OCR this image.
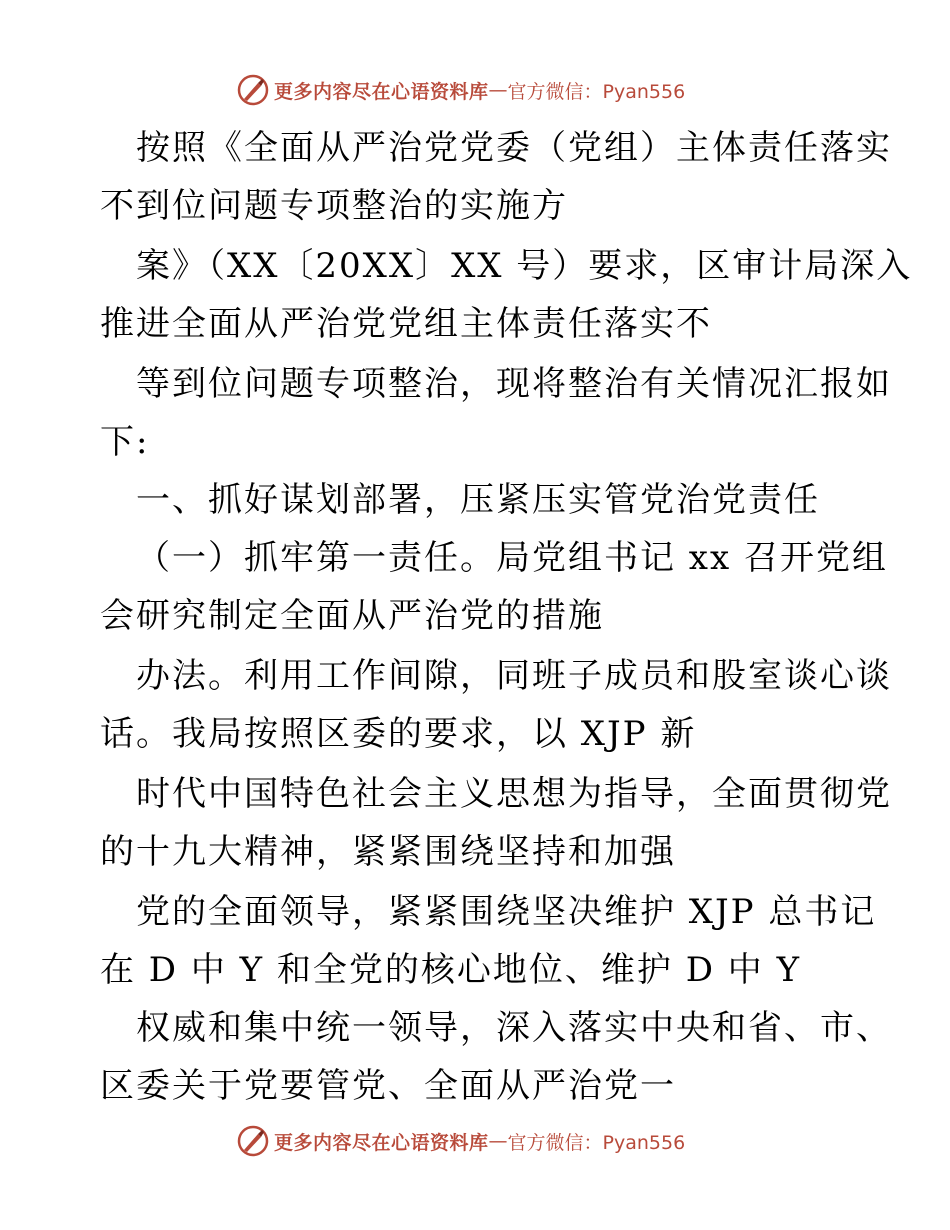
更多内容尽在心语资料库 — 官方微信：Pyan556
按照《全面从严治党党委（党组）主体责任落实
不到位问题专项整治的实施方
案》（XX〔20XX〕XX 号）要求，区审计局深入
推进全面从严治党党组主体责任落实不
等到位问题专项整治，现将整治有关情况汇报如
下:
一、抓好谋划部署，压紧压实管党治党责任
（一）抓牢第一责任。局党组书记 xx 召开党组
会研究制定全面从严治党的措施
办法。利用工作间隙，同班子成员和股室谈心谈
话。我局按照区委的要求，以 XJP 新
时代中国特色社会主义思想为指导，全面贯彻党
的十九大精神，紧紧围绕坚持和加强
党的全面领导，紧紧围绕坚决维护 XJP 总书记
在 D 中 Y 和全党的核心地位、维护 D 中 Y
权威和集中统一领导，深入落实中央和省、市、
区委关于党要管党、全面从严治党一
更多内容尽在心语资料库 — 官方微信：Pyan556
